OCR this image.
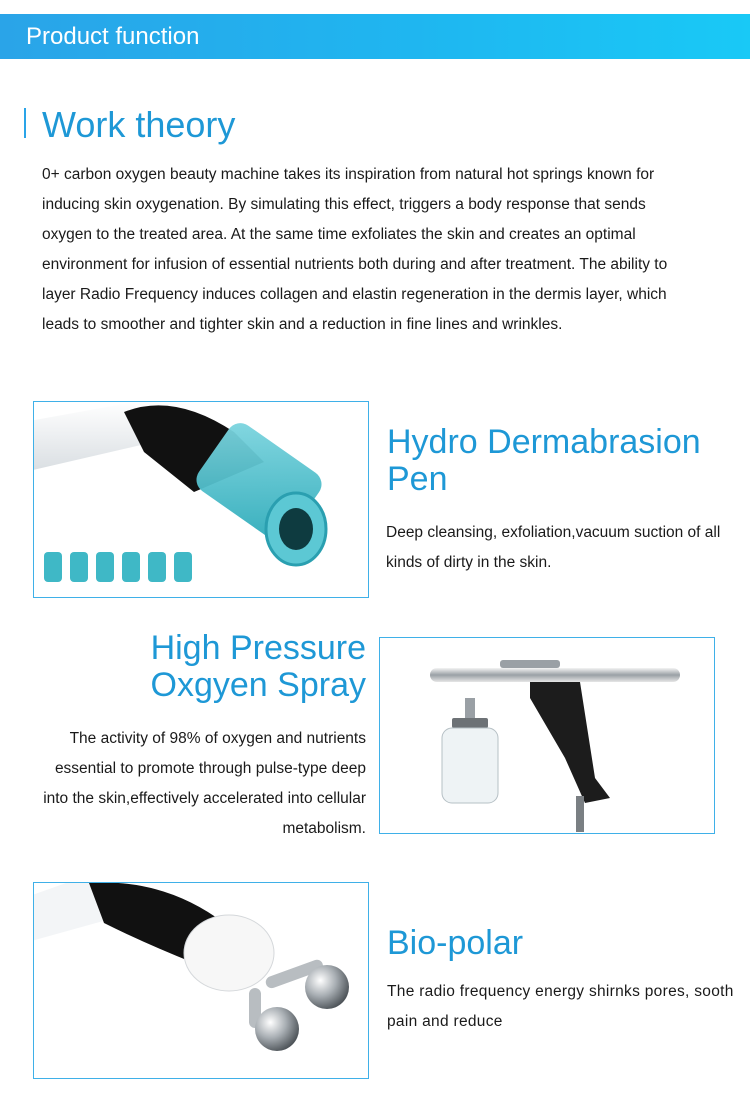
Product function
Work theory
0+ carbon oxygen beauty machine takes its inspiration from natural hot springs known for inducing skin oxygenation. By simulating this effect, triggers a body response that sends oxygen to the treated area. At the same time exfoliates the skin and creates an optimal environment for infusion of essential nutrients both during and after treatment. The ability to layer Radio Frequency induces collagen and elastin regeneration in the dermis layer, which leads to smoother and tighter skin and a reduction in fine lines and wrinkles.
Hydro Dermabrasion
Pen
Deep cleansing, exfoliation,vacuum suction of all kinds of dirty in the skin.
High Pressure
Oxgyen Spray
The activity of 98% of oxygen and nutrients essential to promote through pulse-type deep into the skin,effectively accelerated into cellular metabolism.
Bio-polar
The radio frequency energy shirnks pores, sooth pain and reduce
